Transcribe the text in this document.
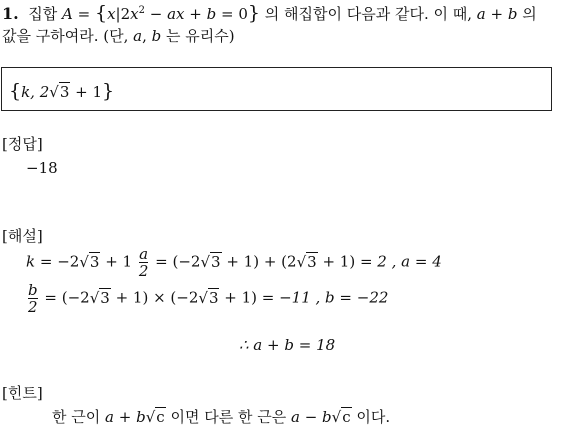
1. 집합 $A = \{x|2x^2$ − ax + b = 0} 의 해집합이 다음과 같다. 이 때, a + b 의
값을 구하여라. (단, a, b 는 유리수)
{k, 2√3 + 1}
[정답]
−18
[해설]
$k = -2√3 + 1 \frac{a}{2} = (-2√3 + 1) + (2√3 + 1) = 2$ , a = 4
$\frac{b}{2} = (-2√3 + 1) \times (-2√3 + 1) = -11$ , b = −22
∴ a + b = 18
[힌트]
한 근이 a + b√c 이면 다른 한 근은 a − b√c 이다.
